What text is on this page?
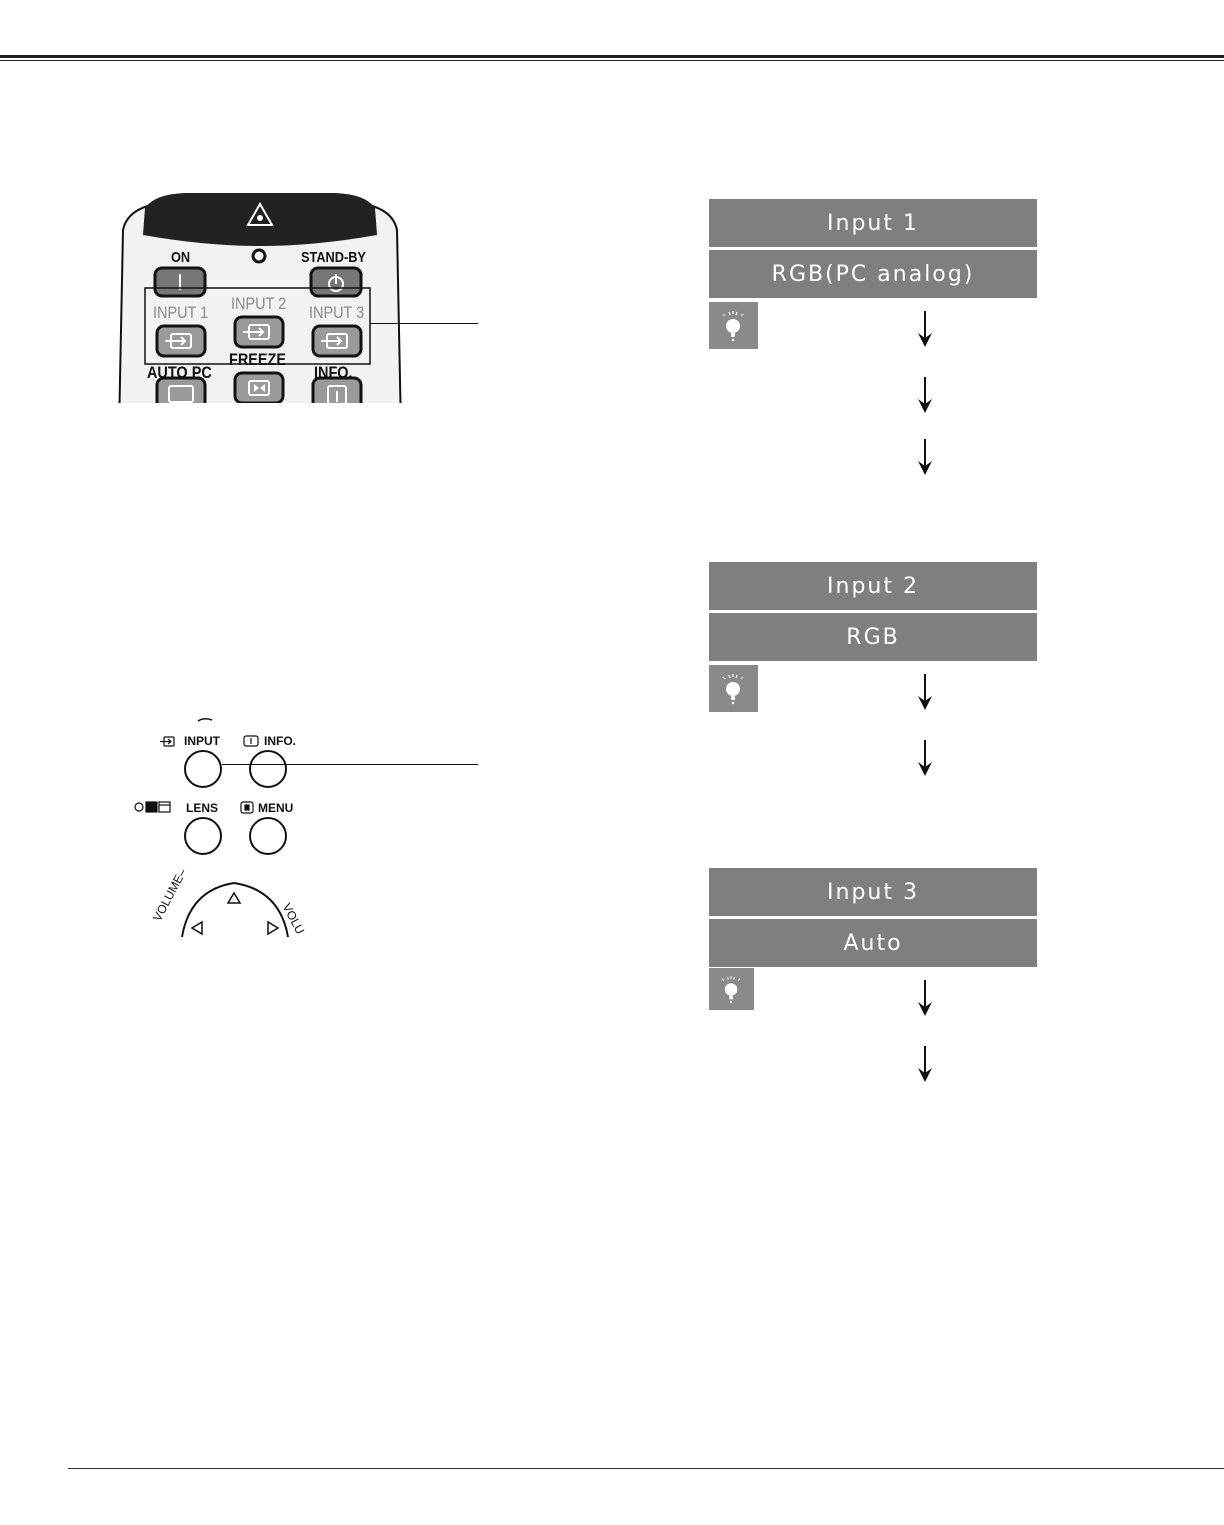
ON	STAND-BY
INPUT 1 INPUT 2 INPUT 3
FREEZE
AUTO PC	INFO.
INPUT	INFO.
LENS	MENU
VOLUME–	VOLU
Input 1
RGB(PC analog)
Input 2
RGB
Input 3
Auto
